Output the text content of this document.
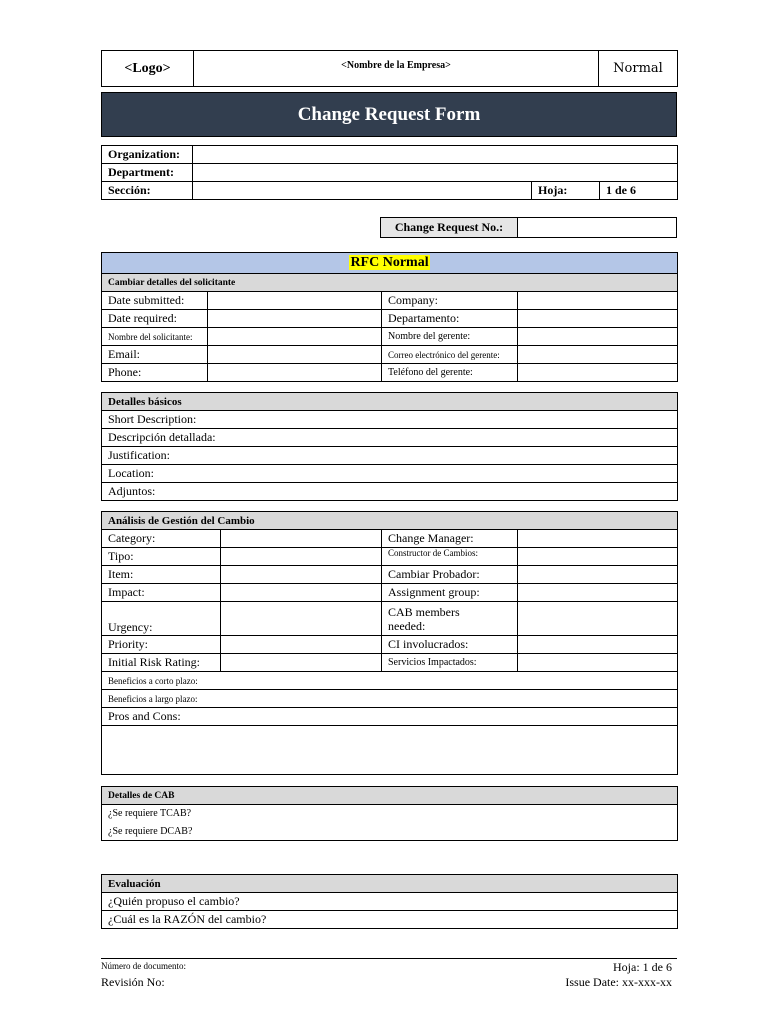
<Logo>	<Nombre de la Empresa>	Normal
Change Request Form
Organization:			
Department:			
Sección:		Hoja:	1 de 6
Change Request No.:	
RFC Normal			
Cambiar detalles del solicitante			
Date submitted:		Company:	
Date required:		Departamento:	
Nombre del solicitante:		Nombre del gerente:	
Email:		Correo electrónico del gerente:	
Phone:		Teléfono del gerente:	
Detalles básicos
Short Description:
Descripción detallada:
Justification:
Location:
Adjuntos:
Análisis de Gestión del Cambio			
Category:		Change Manager:	
Tipo:		Constructor de Cambios:	
Item:		Cambiar Probador:	
Impact:		Assignment group:	
Urgency:		CAB members needed:	
Priority:		CI involucrados:	
Initial Risk Rating:		Servicios Impactados:	
Beneficios a corto plazo:			
Beneficios a largo plazo:			
Pros and Cons:			

Detalles de CAB
¿Se requiere TCAB?
¿Se requiere DCAB?
Evaluación
¿Quién propuso el cambio?
¿Cuál es la RAZÓN del cambio?
Número de documento:
Revisión No:
Hoja: 1 de 6
Issue Date: xx-xxx-xx
